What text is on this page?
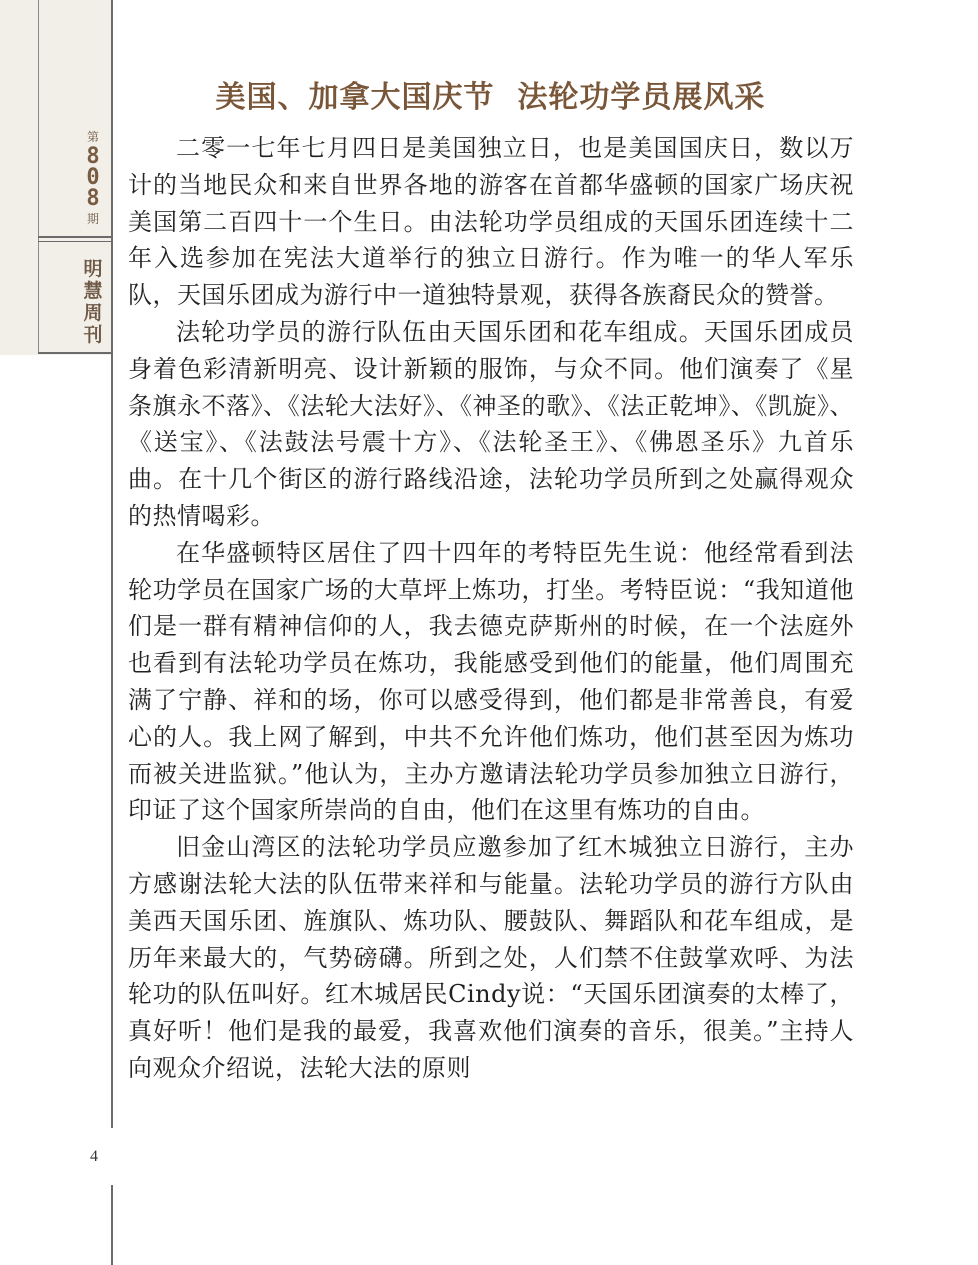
第
808
期
明慧周刊
4
美国、加拿大国庆节  法轮功学员展风采

二零一七年七月四日是美国独立日，也是美国国庆日，数以万计的当地民众和来自世界各地的游客在首都华盛顿的国家广场庆祝美国第二百四十一个生日。由法轮功学员组成的天国乐团连续十二年入选参加在宪法大道举行的独立日游行。作为唯一的华人军乐队，天国乐团成为游行中一道独特景观，获得各族裔民众的赞誉。

法轮功学员的游行队伍由天国乐团和花车组成。天国乐团成员身着色彩清新明亮、设计新颖的服饰，与众不同。他们演奏了《星条旗永不落》、《法轮大法好》、《神圣的歌》、《法正乾坤》、《凯旋》、《送宝》、《法鼓法号震十方》、《法轮圣王》、《佛恩圣乐》九首乐曲。在十几个街区的游行路线沿途，法轮功学员所到之处赢得观众的热情喝彩。

在华盛顿特区居住了四十四年的考特臣先生说：他经常看到法轮功学员在国家广场的大草坪上炼功，打坐。考特臣说：“我知道他们是一群有精神信仰的人，我去德克萨斯州的时候，在一个法庭外也看到有法轮功学员在炼功，我能感受到他们的能量，他们周围充满了宁静、祥和的场，你可以感受得到，他们都是非常善良，有爱心的人。我上网了解到，中共不允许他们炼功，他们甚至因为炼功而被关进监狱。”他认为，主办方邀请法轮功学员参加独立日游行，印证了这个国家所崇尚的自由，他们在这里有炼功的自由。

旧金山湾区的法轮功学员应邀参加了红木城独立日游行，主办方感谢法轮大法的队伍带来祥和与能量。法轮功学员的游行方队由美西天国乐团、旌旗队、炼功队、腰鼓队、舞蹈队和花车组成，是历年来最大的，气势磅礴。所到之处，人们禁不住鼓掌欢呼、为法轮功的队伍叫好。红木城居民Cindy说：“天国乐团演奏的太棒了，真好听！他们是我的最爱，我喜欢他们演奏的音乐，很美。”主持人向观众介绍说，法轮大法的原则
